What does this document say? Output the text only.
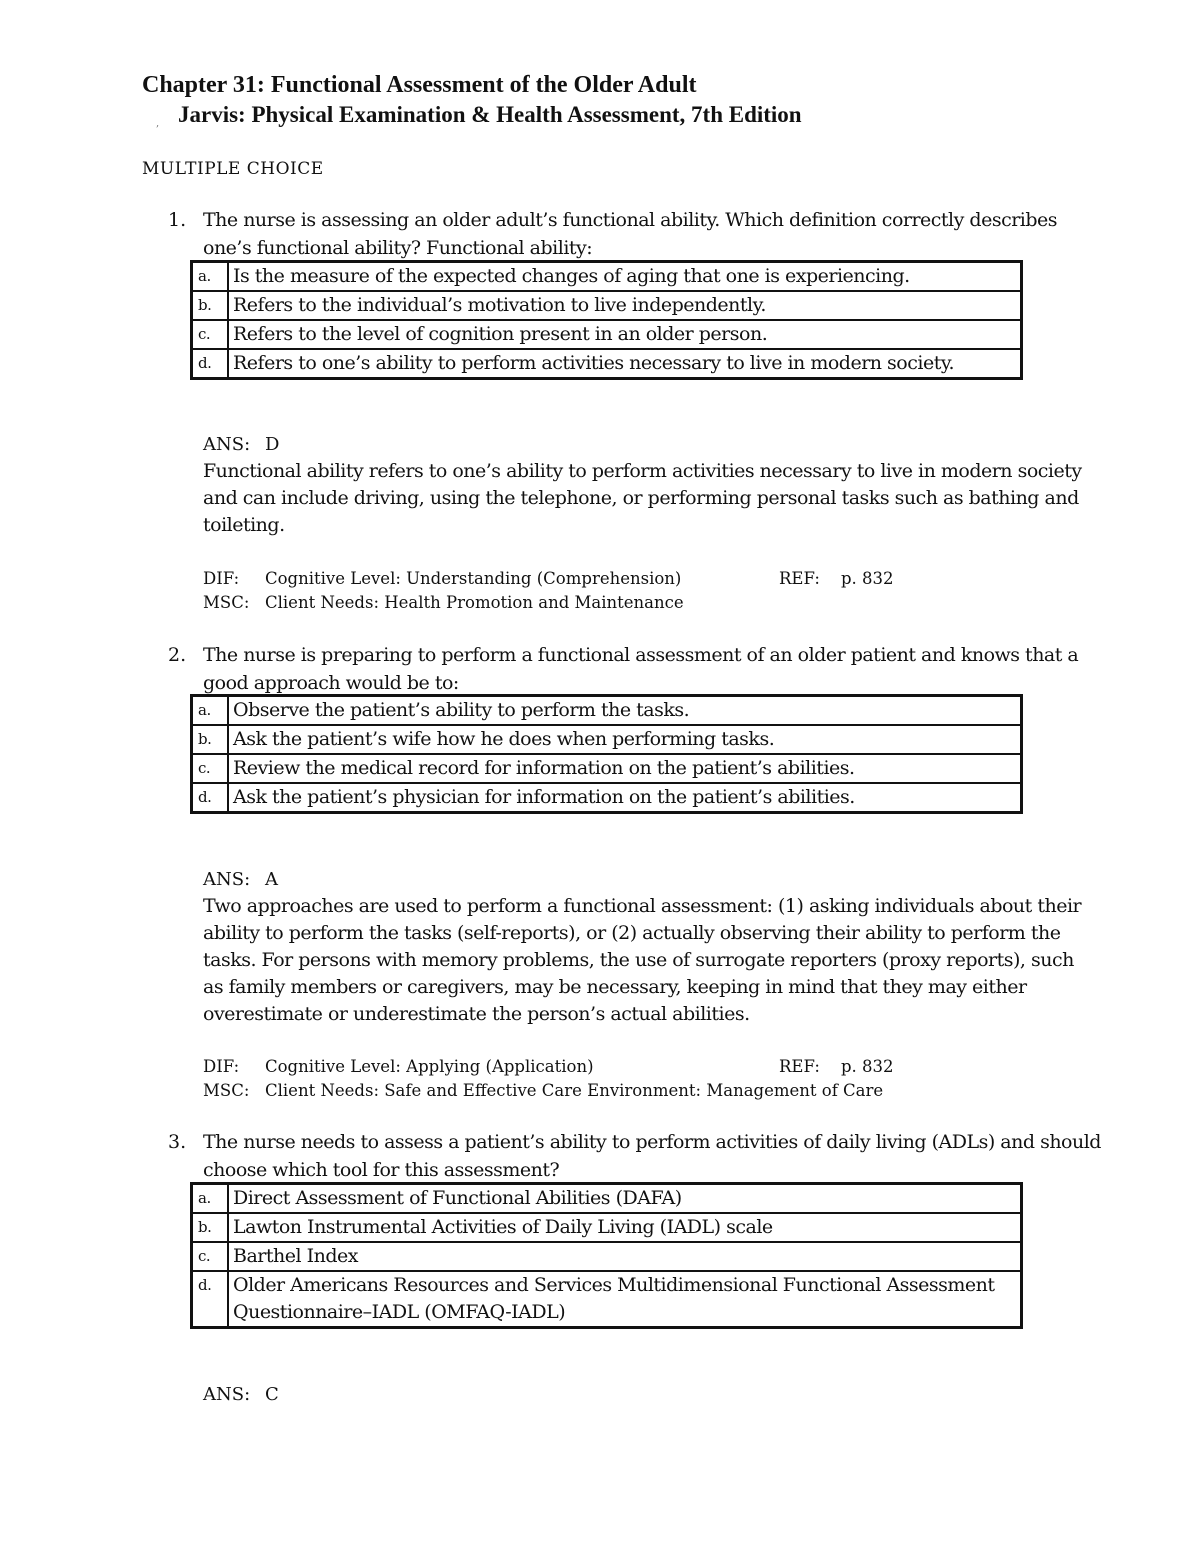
Chapter 31: Functional Assessment of the Older Adult
, Jarvis: Physical Examination & Health Assessment, 7th Edition
MULTIPLE CHOICE
1. The nurse is assessing an older adult’s functional ability. Which definition correctly describes one’s functional ability? Functional ability:
a.	Is the measure of the expected changes of aging that one is experiencing.
b.	Refers to the individual’s motivation to live independently.
c.	Refers to the level of cognition present in an older person.
d.	Refers to one’s ability to perform activities necessary to live in modern society.
ANS: D
Functional ability refers to one’s ability to perform activities necessary to live in modern society and can include driving, using the telephone, or performing personal tasks such as bathing and toileting.
DIF: Cognitive Level: Understanding (Comprehension)	REF: p. 832
MSC: Client Needs: Health Promotion and Maintenance
2. The nurse is preparing to perform a functional assessment of an older patient and knows that a good approach would be to:
a.	Observe the patient’s ability to perform the tasks.
b.	Ask the patient’s wife how he does when performing tasks.
c.	Review the medical record for information on the patient’s abilities.
d.	Ask the patient’s physician for information on the patient’s abilities.
ANS: A
Two approaches are used to perform a functional assessment: (1) asking individuals about their ability to perform the tasks (self-reports), or (2) actually observing their ability to perform the tasks. For persons with memory problems, the use of surrogate reporters (proxy reports), such as family members or caregivers, may be necessary, keeping in mind that they may either overestimate or underestimate the person’s actual abilities.
DIF: Cognitive Level: Applying (Application)	REF: p. 832
MSC: Client Needs: Safe and Effective Care Environment: Management of Care
3. The nurse needs to assess a patient’s ability to perform activities of daily living (ADLs) and should choose which tool for this assessment?
a.	Direct Assessment of Functional Abilities (DAFA)
b.	Lawton Instrumental Activities of Daily Living (IADL) scale
c.	Barthel Index
d.	Older Americans Resources and Services Multidimensional Functional Assessment Questionnaire–IADL (OMFAQ-IADL)
ANS: C
